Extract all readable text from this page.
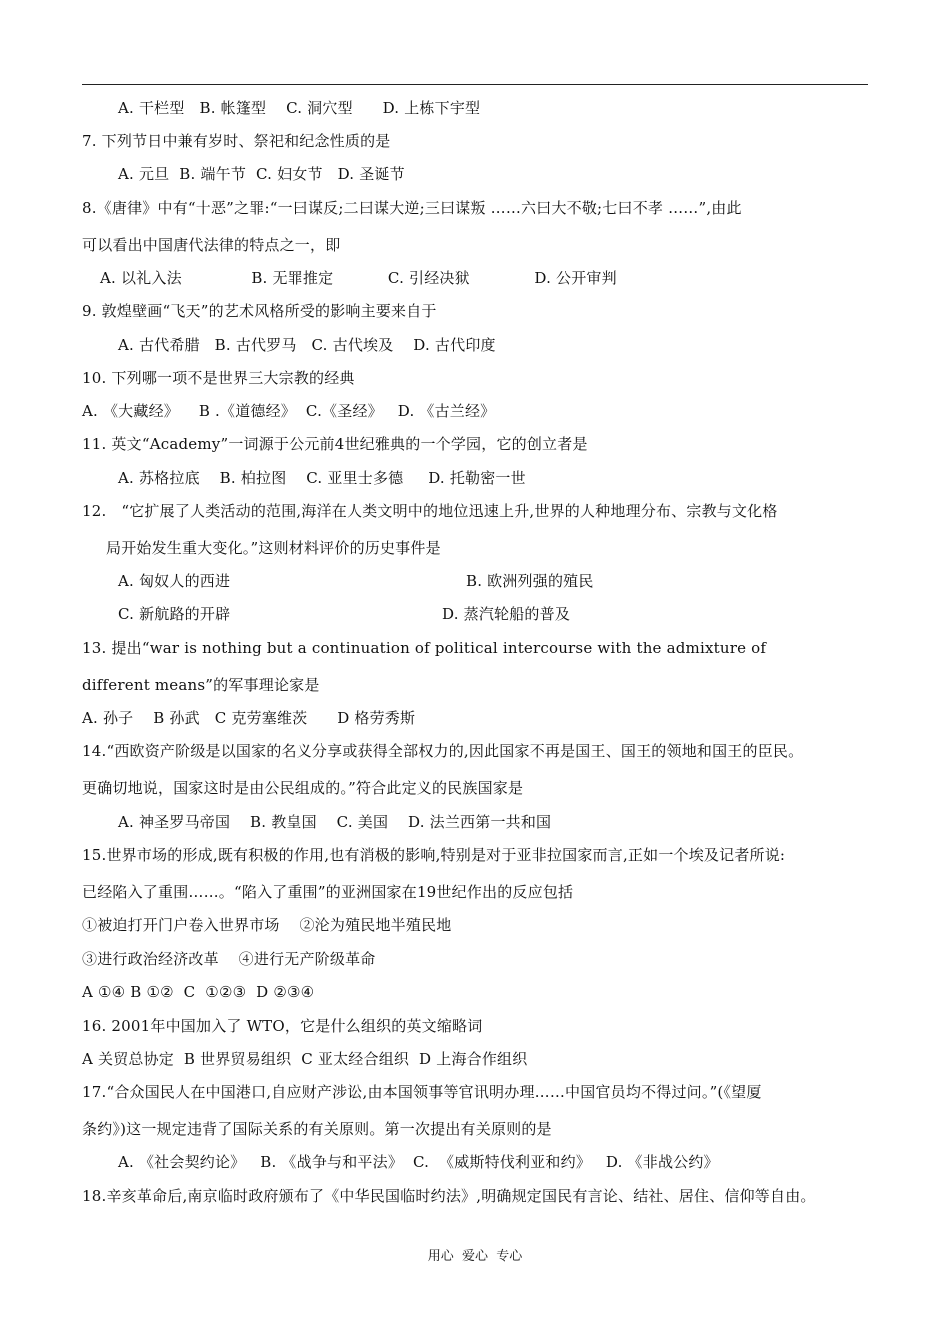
A. 干栏型   B. 帐篷型    C. 洞穴型      D. 上栋下宇型
7. 下列节日中兼有岁时、祭祀和纪念性质的是
A. 元旦  B. 端午节  C. 妇女节   D. 圣诞节
8.《唐律》中有“十恶”之罪:“一曰谋反;二曰谋大逆;三曰谋叛 ……六曰大不敬;七曰不孝 ……”,由此
可以看出中国唐代法律的特点之一，即
A. 以礼入法              B. 无罪推定           C. 引经决狱             D. 公开审判
9. 敦煌壁画“飞天”的艺术风格所受的影响主要来自于
A. 古代希腊   B. 古代罗马   C. 古代埃及    D. 古代印度
10. 下列哪一项不是世界三大宗教的经典
A. 《大藏经》    B .《道德经》  C.《圣经》   D. 《古兰经》
11. 英文“Academy”一词源于公元前4世纪雅典的一个学园，它的创立者是
A. 苏格拉底    B. 柏拉图    C. 亚里士多德     D. 托勒密一世
12.   “它扩展了人类活动的范围,海洋在人类文明中的地位迅速上升,世界的人种地理分布、宗教与文化格
局开始发生重大变化。”这则材料评价的历史事件是
A. 匈奴人的西进	B. 欧洲列强的殖民
C. 新航路的开辟	D. 蒸汽轮船的普及
13. 提出“war is nothing but a continuation of political intercourse with the admixture of
different means”的军事理论家是
A. 孙子    B 孙武   C 克劳塞维茨      D 格劳秀斯
14.“西欧资产阶级是以国家的名义分享或获得全部权力的,因此国家不再是国王、国王的领地和国王的臣民。
更确切地说，国家这时是由公民组成的。”符合此定义的民族国家是
A. 神圣罗马帝国    B. 教皇国    C. 美国    D. 法兰西第一共和国
15.世界市场的形成,既有积极的作用,也有消极的影响,特别是对于亚非拉国家而言,正如一个埃及记者所说:
已经陷入了重围……。“陷入了重围”的亚洲国家在19世纪作出的反应包括
①被迫打开门户卷入世界市场    ②沦为殖民地半殖民地
③进行政治经济改革    ④进行无产阶级革命
A ①④ B ①②  C  ①②③  D ②③④
16. 2001年中国加入了 WTO，它是什么组织的英文缩略词
A 关贸总协定  B 世界贸易组织  C 亚太经合组织  D 上海合作组织
17.“合众国民人在中国港口,自应财产涉讼,由本国领事等官讯明办理……中国官员均不得过问。”(《望厦
条约》)这一规定违背了国际关系的有关原则。第一次提出有关原则的是
A. 《社会契约论》   B. 《战争与和平法》  C.  《威斯特伐利亚和约》   D. 《非战公约》
18.辛亥革命后,南京临时政府颁布了《中华民国临时约法》,明确规定国民有言论、结社、居住、信仰等自由。
用心  爱心  专心
